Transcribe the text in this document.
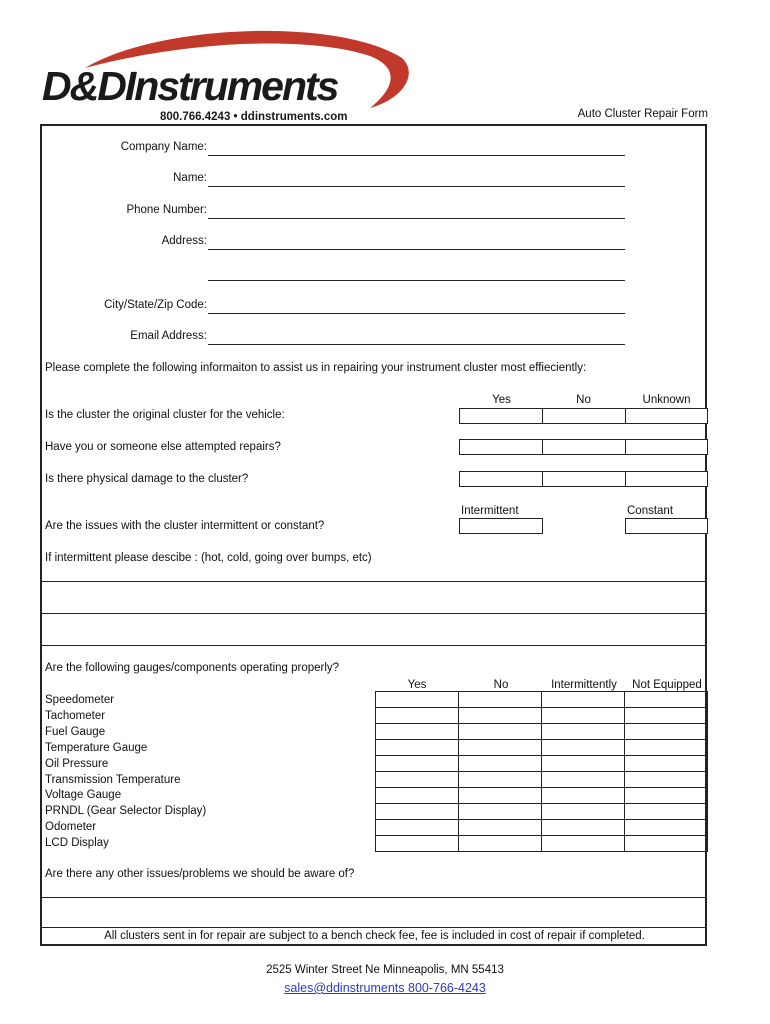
D&DInstruments
800.766.4243 • ddinstruments.com	Auto Cluster Repair Form
Company Name:
Name:
Phone Number:
Address:
City/State/Zip Code:
Email Address:
Please complete the following informaiton to assist us in repairing your instrument cluster most effieciently:
Yes	No	Unknown
Is the cluster the original cluster for the vehicle:
Have you or someone else attempted repairs?
Is there physical damage to the cluster?
Intermittent	Constant
Are the issues with the cluster intermittent or constant?
If intermittent please descibe : (hot, cold, going over bumps, etc)
Are the following gauges/components operating properly?
Yes	No	Intermittently	Not Equipped
Speedometer
Tachometer
Fuel Gauge
Temperature Gauge
Oil Pressure
Transmission Temperature
Voltage Gauge
PRNDL (Gear Selector Display)
Odometer
LCD Display

Are there any other issues/problems we should be aware of?
All clusters sent in for repair are subject to a bench check fee, fee is included in cost of repair if completed.
2525 Winter Street Ne Minneapolis, MN 55413
sales@ddinstruments 800-766-4243
